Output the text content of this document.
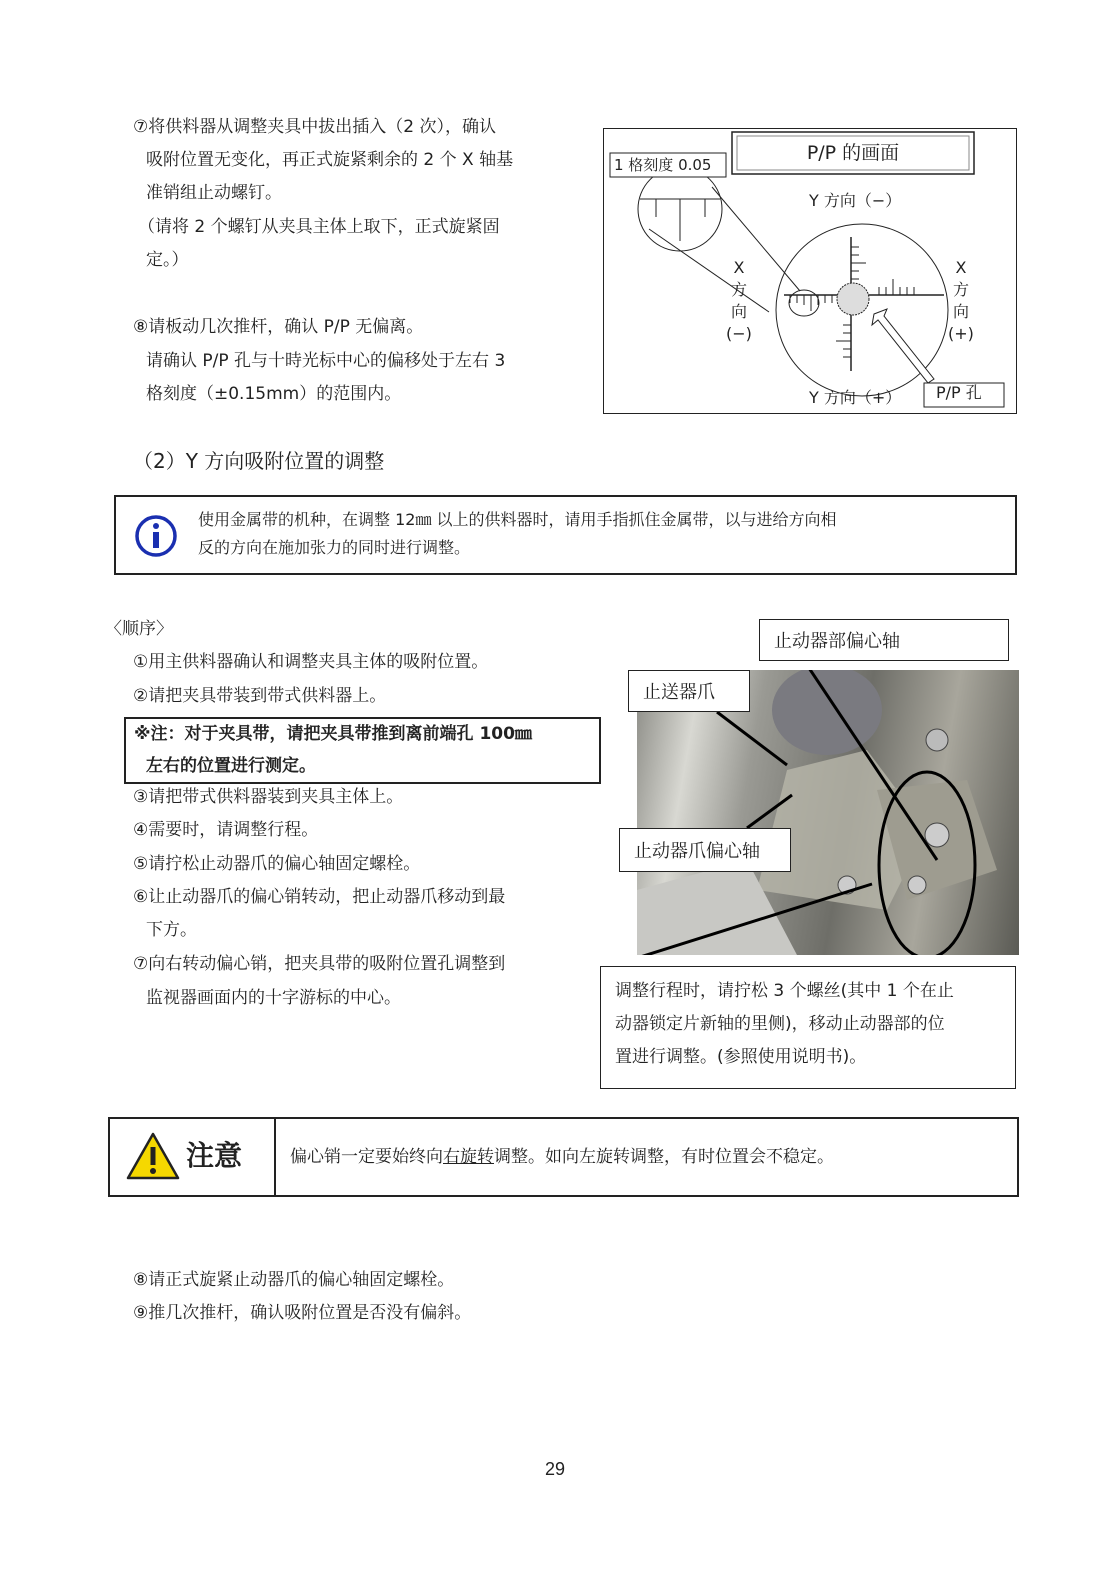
⑦将供料器从调整夹具中拔出插入（2 次），确认
吸附位置无变化，再正式旋紧剩余的 2 个 X 轴基
准销组止动螺钉。
（请将 2 个螺钉从夹具主体上取下，正式旋紧固
定。）
⑧请板动几次推杆，确认 P/P 无偏离。
请确认 P/P 孔与十時光标中心的偏移处于左右 3
格刻度（±0.15mm）的范围内。
P/P 的画面
1 格刻度 0.05
Y 方向（−）
Y 方向（+）
X
方
向
(−)
X
方
向
(+)
P/P 孔
（2）Y 方向吸附位置的调整
使用金属带的机种，在调整 12㎜ 以上的供料器时，请用手指抓住金属带，以与进给方向相
反的方向在施加张力的同时进行调整。
〈顺序〉
①用主供料器确认和调整夹具主体的吸附位置。
②请把夹具带装到带式供料器上。
※注：对于夹具带，请把夹具带推到离前端孔 100㎜
左右的位置进行测定。
③请把带式供料器装到夹具主体上。
④需要时，请调整行程。
⑤请拧松止动器爪的偏心轴固定螺栓。
⑥让止动器爪的偏心销转动，把止动器爪移动到最
下方。
⑦向右转动偏心销，把夹具带的吸附位置孔调整到
监视器画面内的十字游标的中心。
止动器部偏心轴
止送器爪
止动器爪偏心轴
调整行程时，请拧松 3 个螺丝(其中 1 个在止
动器锁定片新轴的里侧)，移动止动器部的位
置进行调整。(参照使用说明书)。
注意	偏心销一定要始终向右旋转调整。如向左旋转调整，有时位置会不稳定。
⑧请正式旋紧止动器爪的偏心轴固定螺栓。
⑨推几次推杆，确认吸附位置是否没有偏斜。
29
